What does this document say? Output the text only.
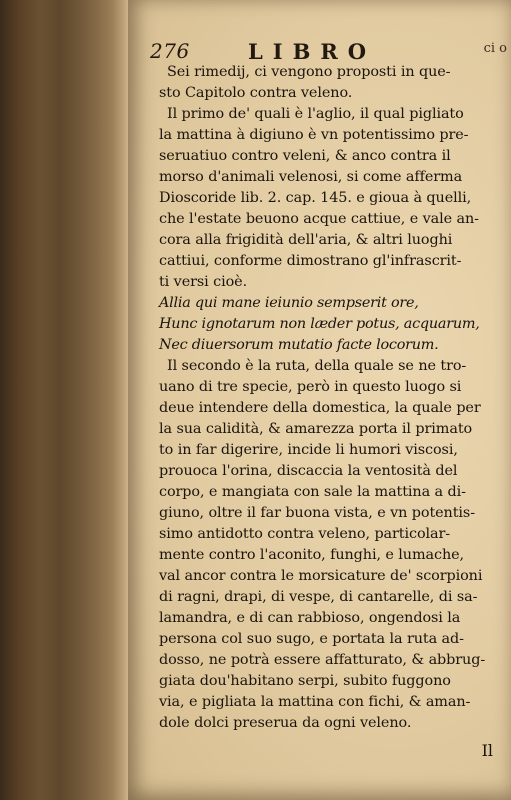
276	LIBRO	ci o
Sei rimedij, ci vengono proposti in que-
sto Capitolo contra veleno.
Il primo de' quali è l'aglio, il qual pigliato
la mattina à digiuno è vn potentissimo pre-
seruatiuo contro veleni, & anco contra il
morso d'animali velenosi, si come afferma
Dioscoride lib. 2. cap. 145. e gioua à quelli,
che l'estate beuono acque cattiue, e vale an-
cora alla frigidità dell'aria, & altri luoghi
cattiui, conforme dimostrano gl'infrascrit-
ti versi cioè.
Allia qui mane ieiunio sempserit ore,
Hunc ignotarum non læder potus, acquarum,
Nec diuersorum mutatio facte locorum.
Il secondo è la ruta, della quale se ne tro-
uano di tre specie, però in questo luogo si
deue intendere della domestica, la quale per
la sua calidità, & amarezza porta il primato
to in far digerire, incide li humori viscosi,
prouoca l'orina, discaccia la ventosità del
corpo, e mangiata con sale la mattina a di-
giuno, oltre il far buona vista, e vn potentis-
simo antidotto contra veleno, particolar-
mente contro l'aconito, funghi, e lumache,
val ancor contra le morsicature de' scorpioni
di ragni, drapi, di vespe, di cantarelle, di sa-
lamandra, e di can rabbioso, ongendosi la
persona col suo sugo, e portata la ruta ad-
dosso, ne potrà essere affatturato, & abbrug-
giata dou'habitano serpi, subito fuggono
via, e pigliata la mattina con fichi, & aman-
dole dolci preserua da ogni veleno.
Il
